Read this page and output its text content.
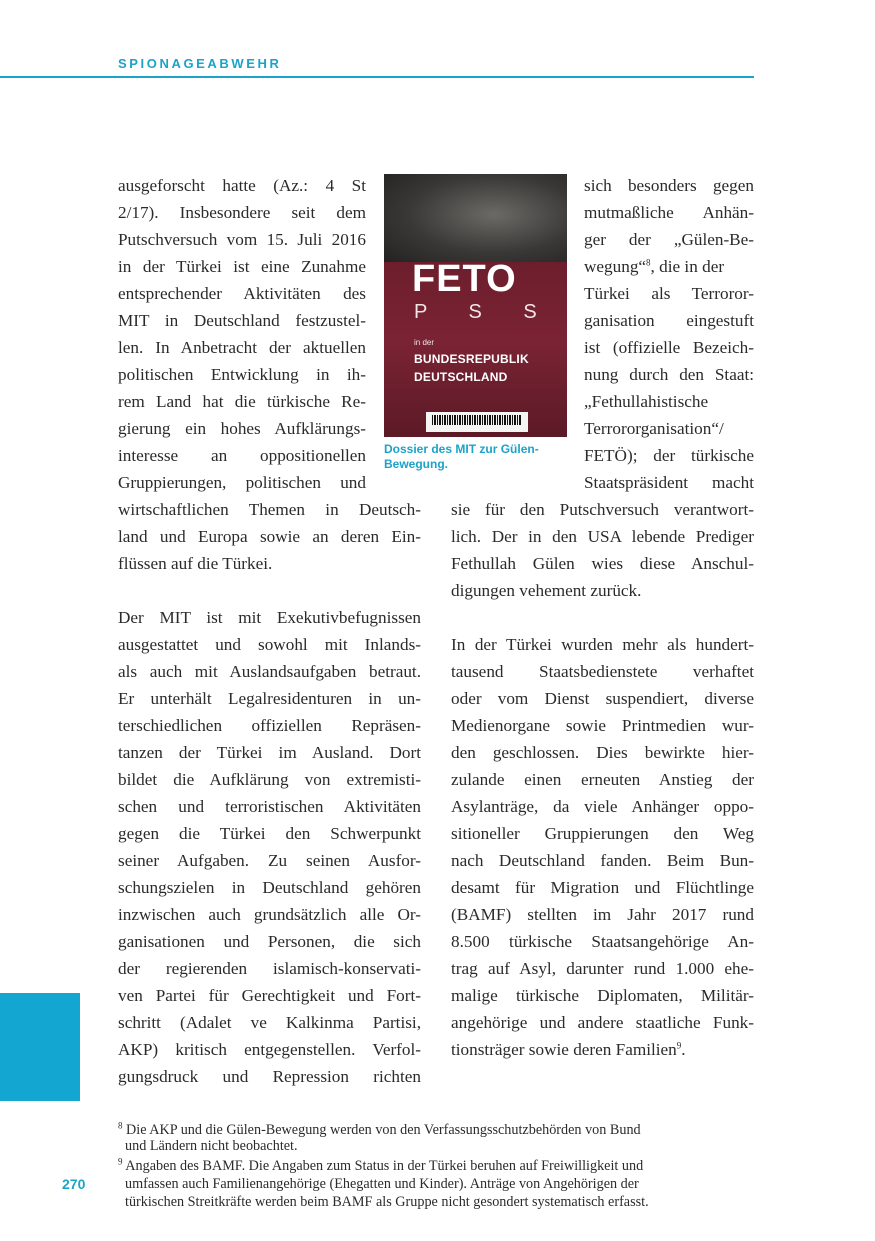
SPIONAGEABWEHR
ausgeforscht hatte (Az.: 4 St
2/17). Insbesondere seit dem
Putschversuch vom 15. Juli 2016
in der Türkei ist eine Zunahme
entsprechender Aktivitäten des
MIT in Deutschland festzustel-
len. In Anbetracht der aktuellen
politischen Entwicklung in ih-
rem Land hat die türkische Re-
gierung ein hohes Aufklärungs-
interesse an oppositionellen
Gruppierungen, politischen und
FETO
P S S
in der
BUNDESREPUBLIK
DEUTSCHLAND
Dossier des MIT zur Gülen-
Bewegung.
sich besonders gegen
mutmaßliche Anhän-
ger der „Gülen-Be-
wegung“$^8$, die in der
Türkei als Terroror-
ganisation eingestuft
ist (offizielle Bezeich-
nung durch den Staat:
„Fethullahistische
Terrororganisation“/
FETÖ); der türkische
Staatspräsident macht
wirtschaftlichen Themen in Deutsch-
land und Europa sowie an deren Ein-
flüssen auf die Türkei.
Der MIT ist mit Exekutivbefugnissen
ausgestattet und sowohl mit Inlands-
als auch mit Auslandsaufgaben betraut.
Er unterhält Legalresidenturen in un-
terschiedlichen offiziellen Repräsen-
tanzen der Türkei im Ausland. Dort
bildet die Aufklärung von extremisti-
schen und terroristischen Aktivitäten
gegen die Türkei den Schwerpunkt
seiner Aufgaben. Zu seinen Ausfor-
schungszielen in Deutschland gehören
inzwischen auch grundsätzlich alle Or-
ganisationen und Personen, die sich
der regierenden islamisch-konservati-
ven Partei für Gerechtigkeit und Fort-
schritt (Adalet ve Kalkinma Partisi,
AKP) kritisch entgegenstellen. Verfol-
gungsdruck und Repression richten
sie für den Putschversuch verantwort-
lich. Der in den USA lebende Prediger
Fethullah Gülen wies diese Anschul-
digungen vehement zurück.
In der Türkei wurden mehr als hundert-
tausend Staatsbedienstete verhaftet
oder vom Dienst suspendiert, diverse
Medienorgane sowie Printmedien wur-
den geschlossen. Dies bewirkte hier-
zulande einen erneuten Anstieg der
Asylanträge, da viele Anhänger oppo-
sitioneller Gruppierungen den Weg
nach Deutschland fanden. Beim Bun-
desamt für Migration und Flüchtlinge
(BAMF) stellten im Jahr 2017 rund
8.500 türkische Staatsangehörige An-
trag auf Asyl, darunter rund 1.000 ehe-
malige türkische Diplomaten, Militär-
angehörige und andere staatliche Funk-
tionsträger sowie deren Familien$^9$.
$^8$ Die AKP und die Gülen-Bewegung werden von den Verfassungsschutzbehörden von Bund
und Ländern nicht beobachtet.
$^9$ Angaben des BAMF. Die Angaben zum Status in der Türkei beruhen auf Freiwilligkeit und
umfassen auch Familienangehörige (Ehegatten und Kinder). Anträge von Angehörigen der
türkischen Streitkräfte werden beim BAMF als Gruppe nicht gesondert systematisch erfasst.
270
